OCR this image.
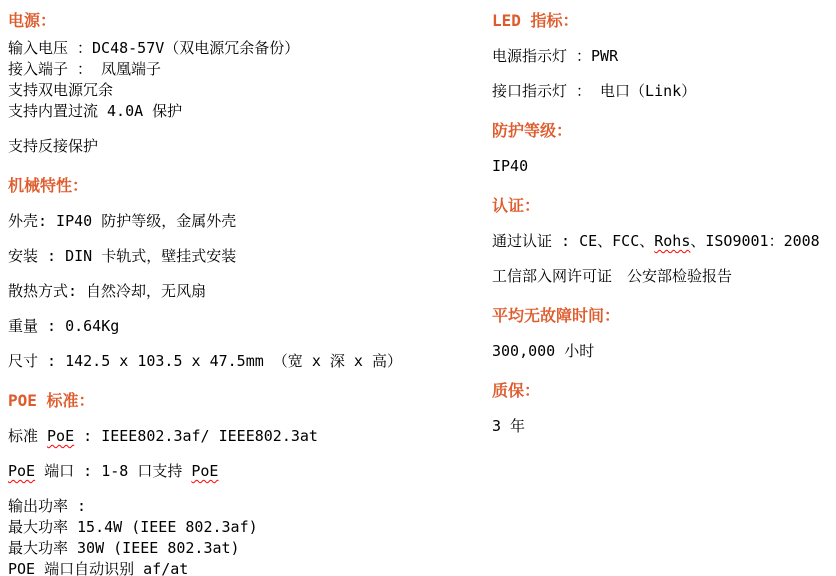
电源：
输入电压 ：DC48-57V（双电源冗余备份）
接入端子 ： 凤凰端子
支持双电源冗余
支持内置过流 4.0A 保护
支持反接保护
机械特性：
外壳: IP40 防护等级，金属外壳
安装 : DIN 卡轨式，壁挂式安装
散热方式: 自然冷却，无风扇
重量 : 0.64Kg
尺寸 : 142.5 x 103.5 x 47.5mm （宽 x 深 x 高）
POE 标准：
标准 PoE : IEEE802.3af/ IEEE802.3at
PoE 端口 : 1-8 口支持 PoE
输出功率 :
最大功率 15.4W (IEEE 802.3af)
最大功率 30W (IEEE 802.3at)
POE 端口自动识别 af/at
LED 指标：
电源指示灯 ：PWR
接口指示灯 ： 电口（Link）
防护等级：
IP40
认证：
通过认证 : CE、FCC、Rohs、ISO9001：2008
工信部入网许可证　公安部检验报告
平均无故障时间：
300,000 小时
质保：
3 年
